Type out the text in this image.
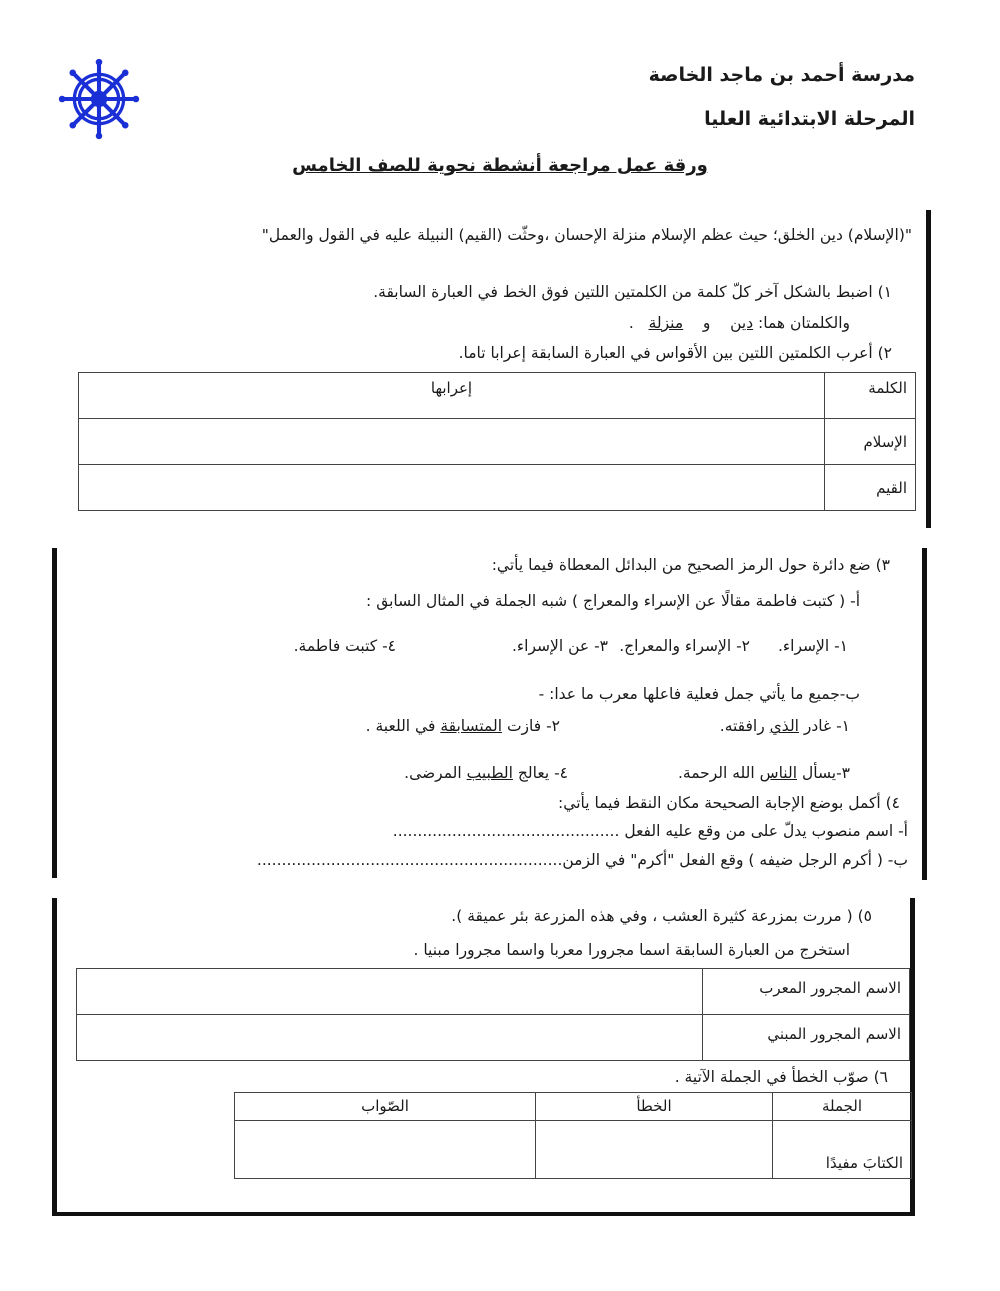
مدرسة أحمد بن ماجد الخاصة
المرحلة الابتدائية العليا
ورقة عمل مراجعة أنشطة نحوية للصف الخامس
"(الإسلام) دين الخلق؛ حيث عظم الإسلام منزلة الإحسان ،وحثّت (القيم) النبيلة عليه في القول والعمل"
١) اضبط بالشكل آخر كلّ كلمة من الكلمتين اللتين فوق الخط في العبارة السابقة.
والكلمتان هما: دين    و    منزلة   .
٢) أعرب الكلمتين اللتين بين الأقواس في العبارة السابقة إعرابا تاما.
الكلمة	إعرابها
الإسلام	
القيم	
٣) ضع دائرة حول الرمز الصحيح من البدائل المعطاة فيما يأتي:
أ- ( كتبت فاطمة مقالًا عن الإسراء والمعراج ) شبه الجملة في المثال السابق :
١- الإسراء.
٢- الإسراء والمعراج.
٣- عن الإسراء.
٤- كتبت فاطمة.
ب-جميع ما يأتي جمل فعلية فاعلها معرب ما عدا: -
١- غادر الذي رافقته.
٢- فازت المتسابقة في اللعبة .
٣-يسأل الناس الله الرحمة.
٤- يعالج الطبيب المرضى.
٤) أكمل بوضع الإجابة الصحيحة مكان النقط فيما يأتي:
أ- اسم منصوب يدلّ على من وقع عليه الفعل ..............................................
ب- ( أكرم الرجل ضيفه ) وقع الفعل "أكرم" في الزمن..............................................................
٥) ( مررت بمزرعة كثيرة العشب ، وفي هذه المزرعة بئر عميقة ).
استخرج من العبارة السابقة اسما مجرورا معربا واسما مجرورا مبنيا .
الاسم المجرور المعرب	
الاسم المجرور المبني	
٦) صوّب الخطأ في الجملة الآتية .
الجملة	الخطأ	الصّواب
الكتابَ مفيدًا		
